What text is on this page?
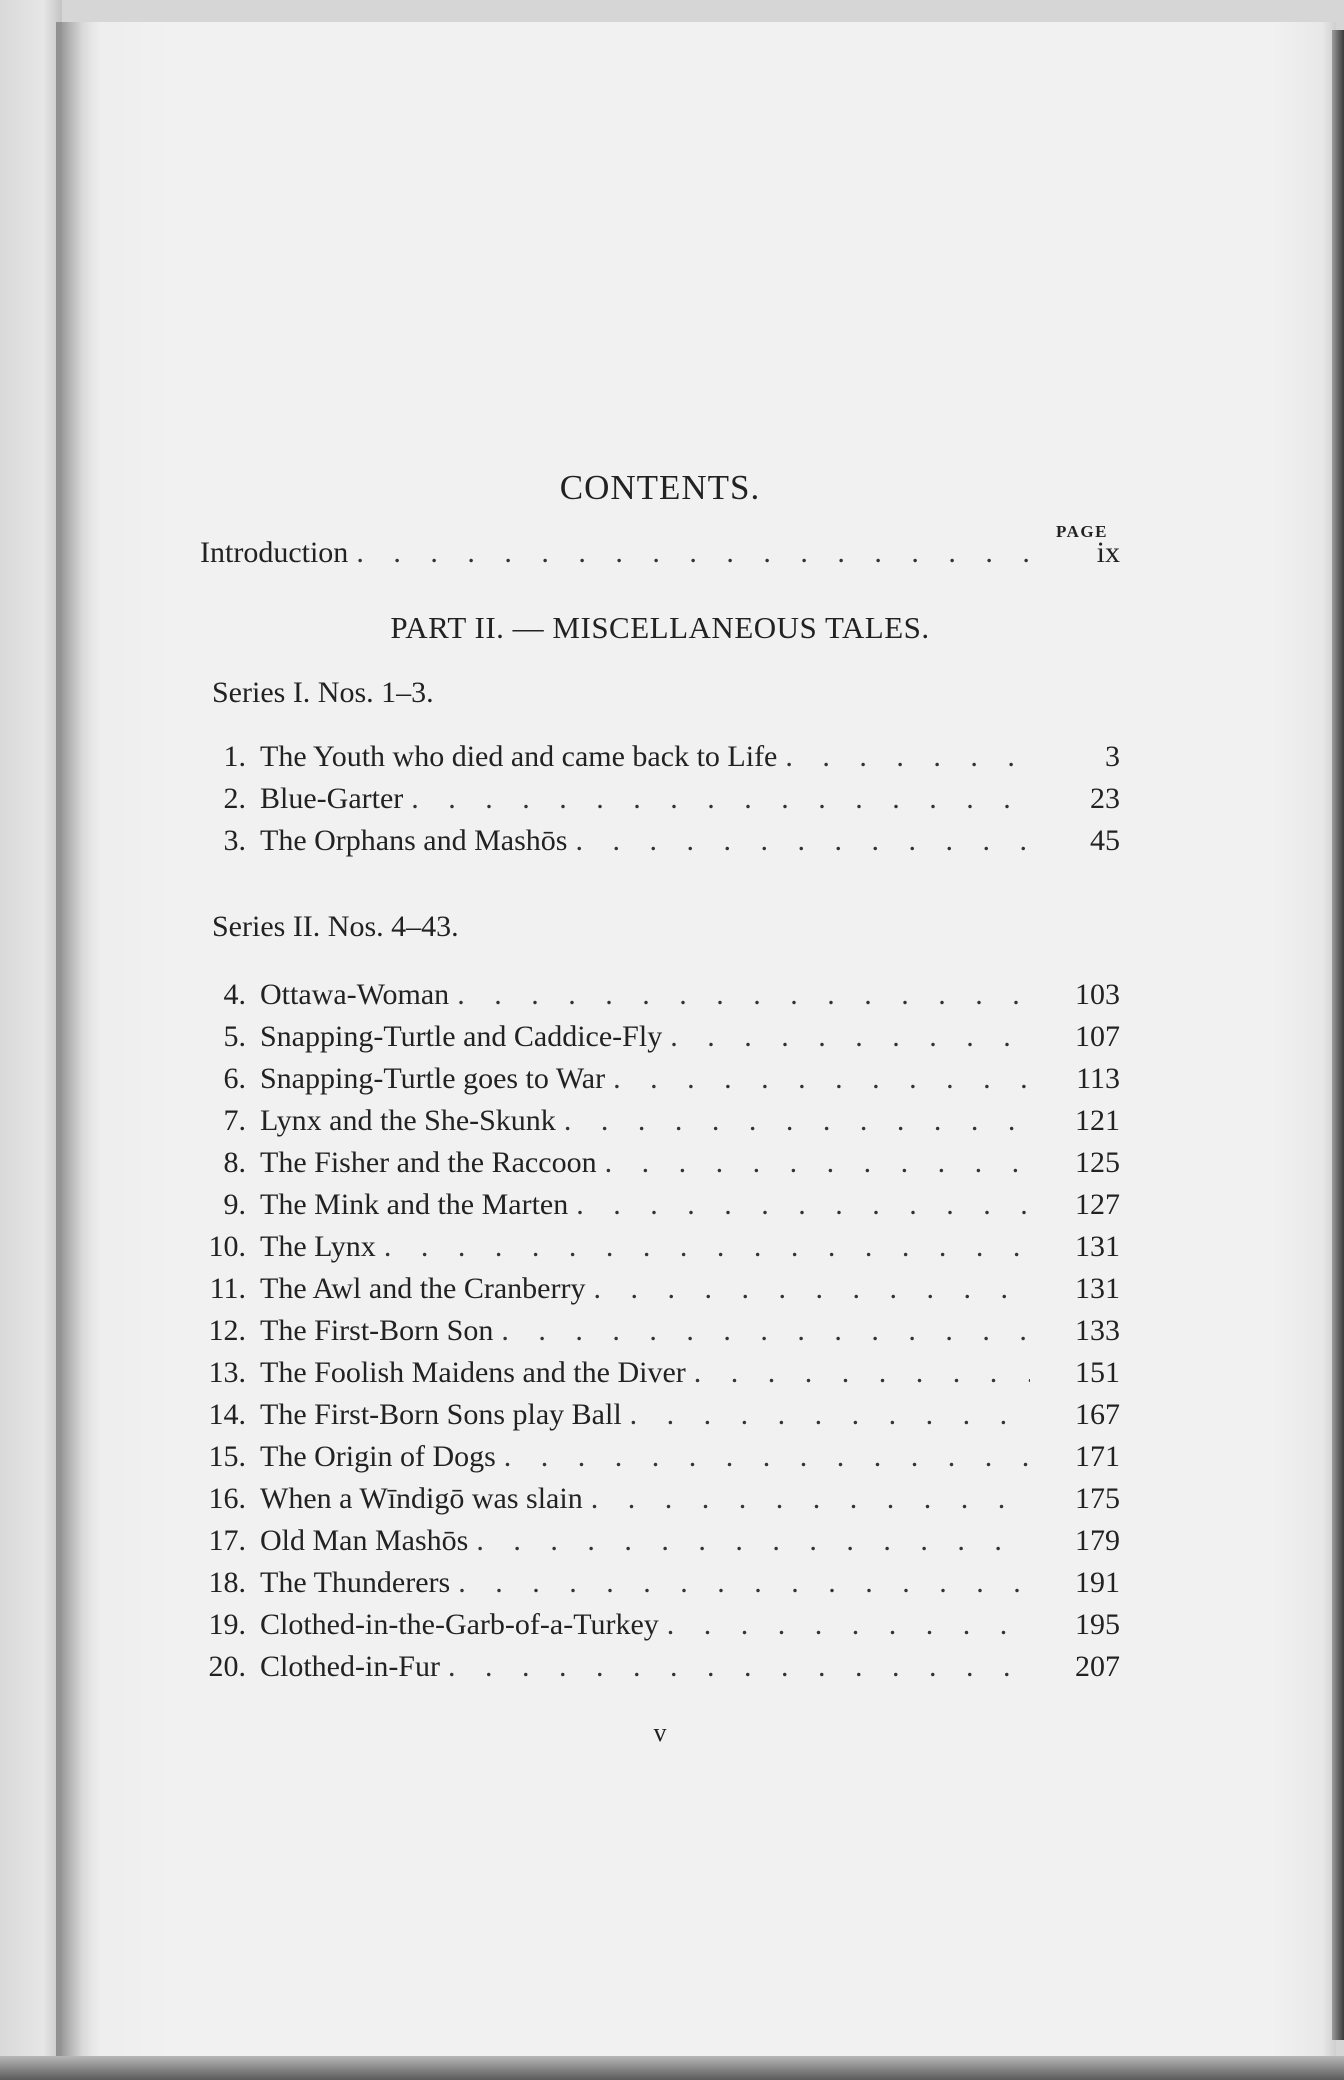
CONTENTS.
PAGE
Introduction . . .	ix
PART II. — MISCELLANEOUS TALES.
Series I. Nos. 1–3.
1. The Youth who died and came back to Life . . .	3
2. Blue-Garter . . .	23
3. The Orphans and Mashōs . . .	45
Series II. Nos. 4–43.
4. Ottawa-Woman . . .	103
5. Snapping-Turtle and Caddice-Fly . . .	107
6. Snapping-Turtle goes to War . . .	113
7. Lynx and the She-Skunk . . .	121
8. The Fisher and the Raccoon . . .	125
9. The Mink and the Marten . . .	127
10. The Lynx . . .	131
11. The Awl and the Cranberry . . .	131
12. The First-Born Son . . .	133
13. The Foolish Maidens and the Diver . . .	151
14. The First-Born Sons play Ball . . .	167
15. The Origin of Dogs . . .	171
16. When a Wīndigō was slain . . .	175
17. Old Man Mashōs . . .	179
18. The Thunderers . . .	191
19. Clothed-in-the-Garb-of-a-Turkey . . .	195
20. Clothed-in-Fur . . .	207
v
